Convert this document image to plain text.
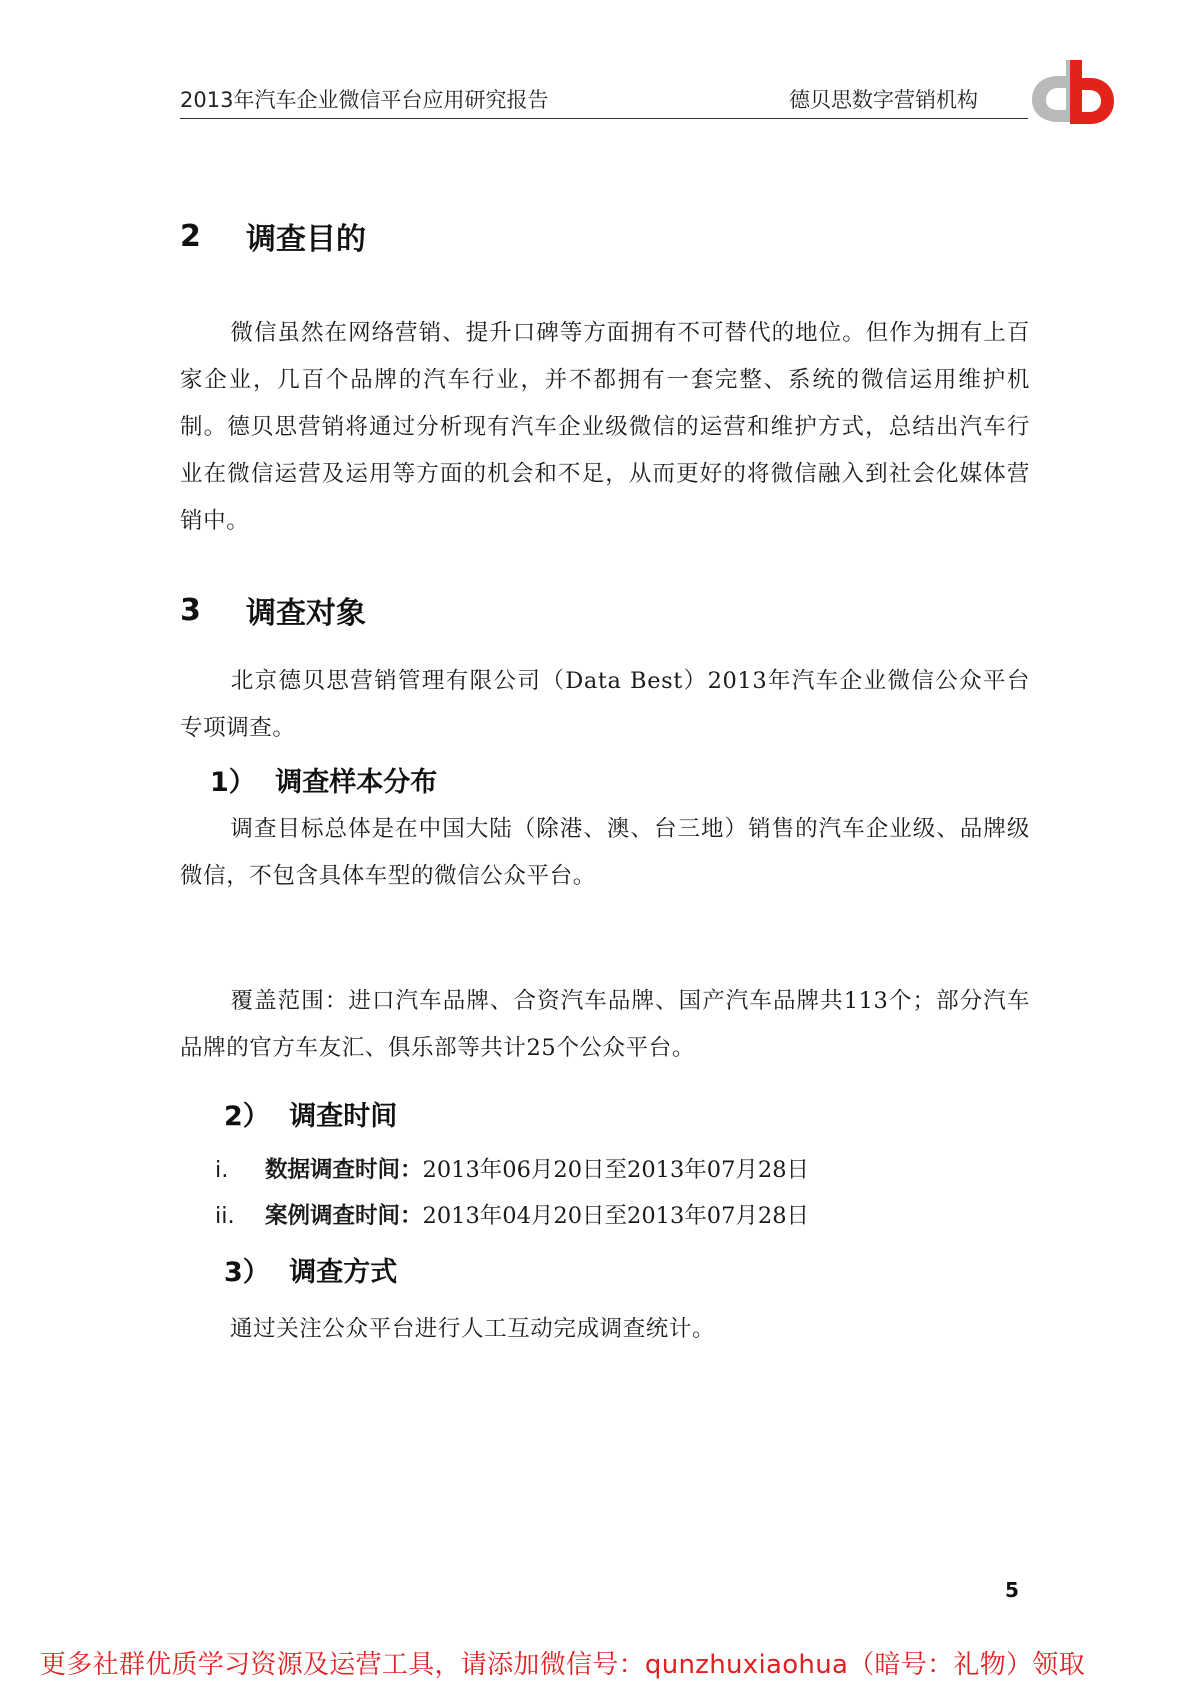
2013年汽车企业微信平台应用研究报告	德贝思数字营销机构
2	调查目的
微信虽然在网络营销、提升口碑等方面拥有不可替代的地位。但作为拥有上百家企业，几百个品牌的汽车行业，并不都拥有一套完整、系统的微信运用维护机制。德贝思营销将通过分析现有汽车企业级微信的运营和维护方式，总结出汽车行业在微信运营及运用等方面的机会和不足，从而更好的将微信融入到社会化媒体营销中。
3	调查对象
北京德贝思营销管理有限公司（Data Best）2013年汽车企业微信公众平台专项调查。
1） 调查样本分布
调查目标总体是在中国大陆（除港、澳、台三地）销售的汽车企业级、品牌级微信，不包含具体车型的微信公众平台。
覆盖范围：进口汽车品牌、合资汽车品牌、国产汽车品牌共113个；部分汽车品牌的官方车友汇、俱乐部等共计25个公众平台。
2） 调查时间
i.	数据调查时间： 2013年06月20日至2013年07月28日
ii.	案例调查时间： 2013年04月20日至2013年07月28日
3） 调查方式
通过关注公众平台进行人工互动完成调查统计。
5
更多社群优质学习资源及运营工具，请添加微信号：qunzhuxiaohua（暗号：礼物）领取
